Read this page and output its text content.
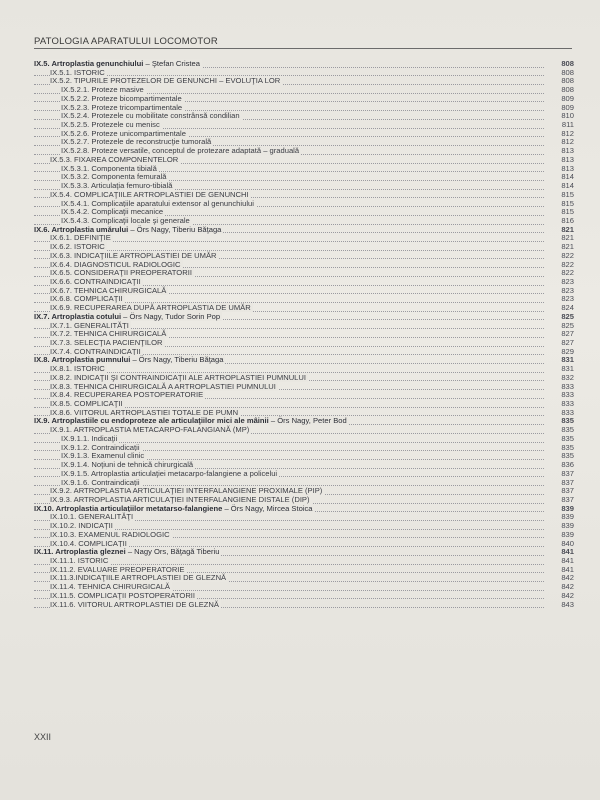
PATOLOGIA APARATULUI LOCOMOTOR
IX.5. Artroplastia genunchiului – Ştefan Cristea	808
IX.5.1. ISTORIC	808
IX.5.2. TIPURILE PROTEZELOR DE GENUNCHI – EVOLUŢIA LOR	808
IX.5.2.1. Proteze masive	808
IX.5.2.2. Proteze bicompartimentale	809
IX.5.2.3. Proteze tricompartimentale	809
IX.5.2.4. Protezele cu mobilitate constrânsă condilian	810
IX.5.2.5. Protezele cu menisc	811
IX.5.2.6. Proteze unicompartimentale	812
IX.5.2.7. Protezele de reconstrucţie tumorală	812
IX.5.2.8. Proteze versatile, conceptul de protezare adaptată – graduală	813
IX.5.3. FIXAREA COMPONENTELOR	813
IX.5.3.1. Componenta tibială	813
IX.5.3.2. Componenta femurală	814
IX.5.3.3. Articulaţia femuro-tibială	814
IX.5.4. COMPLICAŢIILE ARTROPLASTIEI DE GENUNCHI	815
IX.5.4.1. Complicaţiile aparatului extensor al genunchiului	815
IX.5.4.2. Complicaţii mecanice	815
IX.5.4.3. Complicaţii locale şi generale	816
IX.6. Artroplastia umărului – Örs Nagy, Tiberiu Băţaga	821
IX.6.1. DEFINIŢIE	821
IX.6.2. ISTORIC	821
IX.6.3. INDICAŢIILE ARTROPLASTIEI DE UMĂR	822
IX.6.4. DIAGNOSTICUL RADIOLOGIC	822
IX.6.5. CONSIDERAŢII PREOPERATORII	822
IX.6.6. CONTRAINDICAŢII	823
IX.6.7. TEHNICA CHIRURGICALĂ	823
IX.6.8. COMPLICAŢII	823
IX.6.9. RECUPERAREA DUPĂ ARTROPLASTIA DE UMĂR	824
IX.7. Artroplastia cotului – Örs Nagy, Tudor Sorin Pop	825
IX.7.1. GENERALITĂŢI	825
IX.7.2. TEHNICA CHIRURGICALĂ	827
IX.7.3. SELECŢIA PACIENŢILOR	827
IX.7.4. CONTRAINDICAŢII	829
IX.8. Artroplastia pumnului – Örs Nagy, Tiberiu Băţaga	831
IX.8.1. ISTORIC	831
IX.8.2. INDICAŢII ŞI CONTRAINDICAŢII ALE ARTROPLASTIEI PUMNULUI	832
IX.8.3. TEHNICA CHIRURGICALĂ A ARTROPLASTIEI PUMNULUI	833
IX.8.4. RECUPERAREA POSTOPERATORIE	833
IX.8.5. COMPLICAŢII	833
IX.8.6. VIITORUL ARTROPLASTIEI TOTALE DE PUMN	833
IX.9. Artroplastiile cu endoproteze ale articulaţiilor mici ale mâinii – Örs Nagy, Peter Bod	835
IX.9.1. ARTROPLASTIA METACARPO-FALANGIANĂ (MP)	835
IX.9.1.1. Indicaţii	835
IX.9.1.2. Contraindicaţii	835
IX.9.1.3. Examenul clinic	835
IX.9.1.4. Noţiuni de tehnică chirurgicală	836
IX.9.1.5. Artroplastia articulaţiei metacarpo-falangiene a policelui	837
IX.9.1.6. Contraindicaţii	837
IX.9.2. ARTROPLASTIA ARTICULAŢIEI INTERFALANGIENE PROXIMALE (PIP)	837
IX.9.3. ARTROPLASTIA ARTICULAŢIEI INTERFALANGIENE DISTALE (DIP)	837
IX.10. Artroplastia articulaţiilor metatarso-falangiene – Örs Nagy, Mircea Stoica	839
IX.10.1. GENERALITĂŢI	839
IX.10.2. INDICAŢII	839
IX.10.3. EXAMENUL RADIOLOGIC	839
IX.10.4. COMPLICAŢII	840
IX.11. Artroplastia gleznei – Nagy Ors, Băţagă Tiberiu	841
IX.11.1. ISTORIC	841
IX.11.2. EVALUARE PREOPERATORIE	841
IX.11.3.INDICAŢIILE ARTROPLASTIEI DE GLEZNĂ	842
IX.11.4. TEHNICA CHIRURGICALĂ	842
IX.11.5. COMPLICAŢII POSTOPERATORII	842
IX.11.6. VIITORUL ARTROPLASTIEI DE GLEZNĂ	843
XXII
